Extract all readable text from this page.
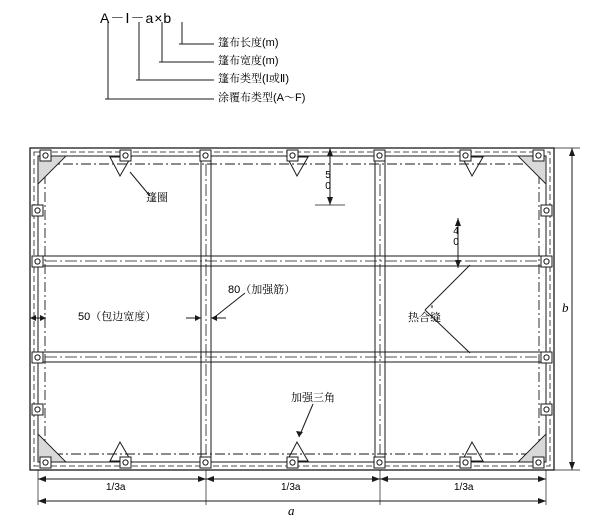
A－Ⅰ－a×b
篷布长度(m)
篷布宽度(m)
篷布类型(Ⅰ或Ⅱ)
涂覆布类型(A～F)
篷圈
50（包边宽度）
80（加强筋）
热合缝
加强三角
50
40
1/3a	1/3a	1/3a
a
b
